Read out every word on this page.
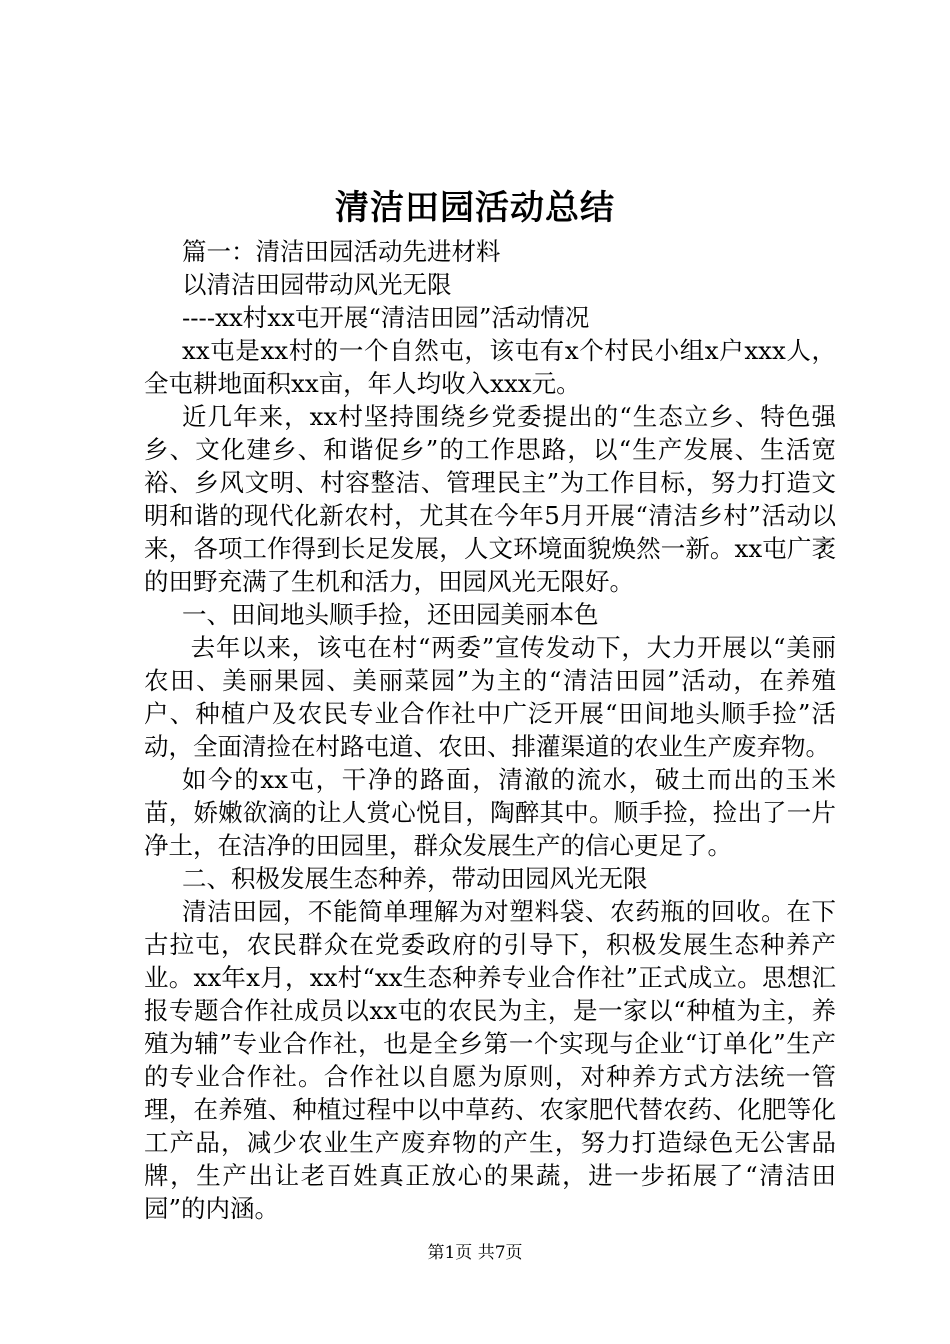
清洁田园活动总结

篇一：清洁田园活动先进材料

以清洁田园带动风光无限

----xx村xx屯开展“清洁田园”活动情况

xx屯是xx村的一个自然屯，该屯有x个村民小组x户xxx人，全屯耕地面积xx亩，年人均收入xxx元。

近几年来，xx村坚持围绕乡党委提出的“生态立乡、特色强乡、文化建乡、和谐促乡”的工作思路，以“生产发展、生活宽裕、乡风文明、村容整洁、管理民主”为工作目标，努力打造文明和谐的现代化新农村，尤其在今年5月开展“清洁乡村”活动以来，各项工作得到长足发展，人文环境面貌焕然一新。xx屯广袤的田野充满了生机和活力，田园风光无限好。

一、田间地头顺手捡，还田园美丽本色

去年以来，该屯在村“两委”宣传发动下，大力开展以“美丽农田、美丽果园、美丽菜园”为主的“清洁田园”活动，在养殖户、种植户及农民专业合作社中广泛开展“田间地头顺手捡”活动，全面清捡在村路屯道、农田、排灌渠道的农业生产废弃物。

如今的xx屯，干净的路面，清澈的流水，破土而出的玉米苗，娇嫩欲滴的让人赏心悦目，陶醉其中。顺手捡，捡出了一片净土，在洁净的田园里，群众发展生产的信心更足了。

二、积极发展生态种养，带动田园风光无限

清洁田园，不能简单理解为对塑料袋、农药瓶的回收。在下古拉屯，农民群众在党委政府的引导下，积极发展生态种养产业。xx年x月，xx村“xx生态种养专业合作社”正式成立。思想汇报专题合作社成员以xx屯的农民为主，是一家以“种植为主，养殖为辅”专业合作社，也是全乡第一个实现与企业“订单化”生产的专业合作社。合作社以自愿为原则，对种养方式方法统一管理，在养殖、种植过程中以中草药、农家肥代替农药、化肥等化工产品，减少农业生产废弃物的产生，努力打造绿色无公害品牌，生产出让老百姓真正放心的果蔬，进一步拓展了“清洁田园”的内涵。

第1页 共7页
